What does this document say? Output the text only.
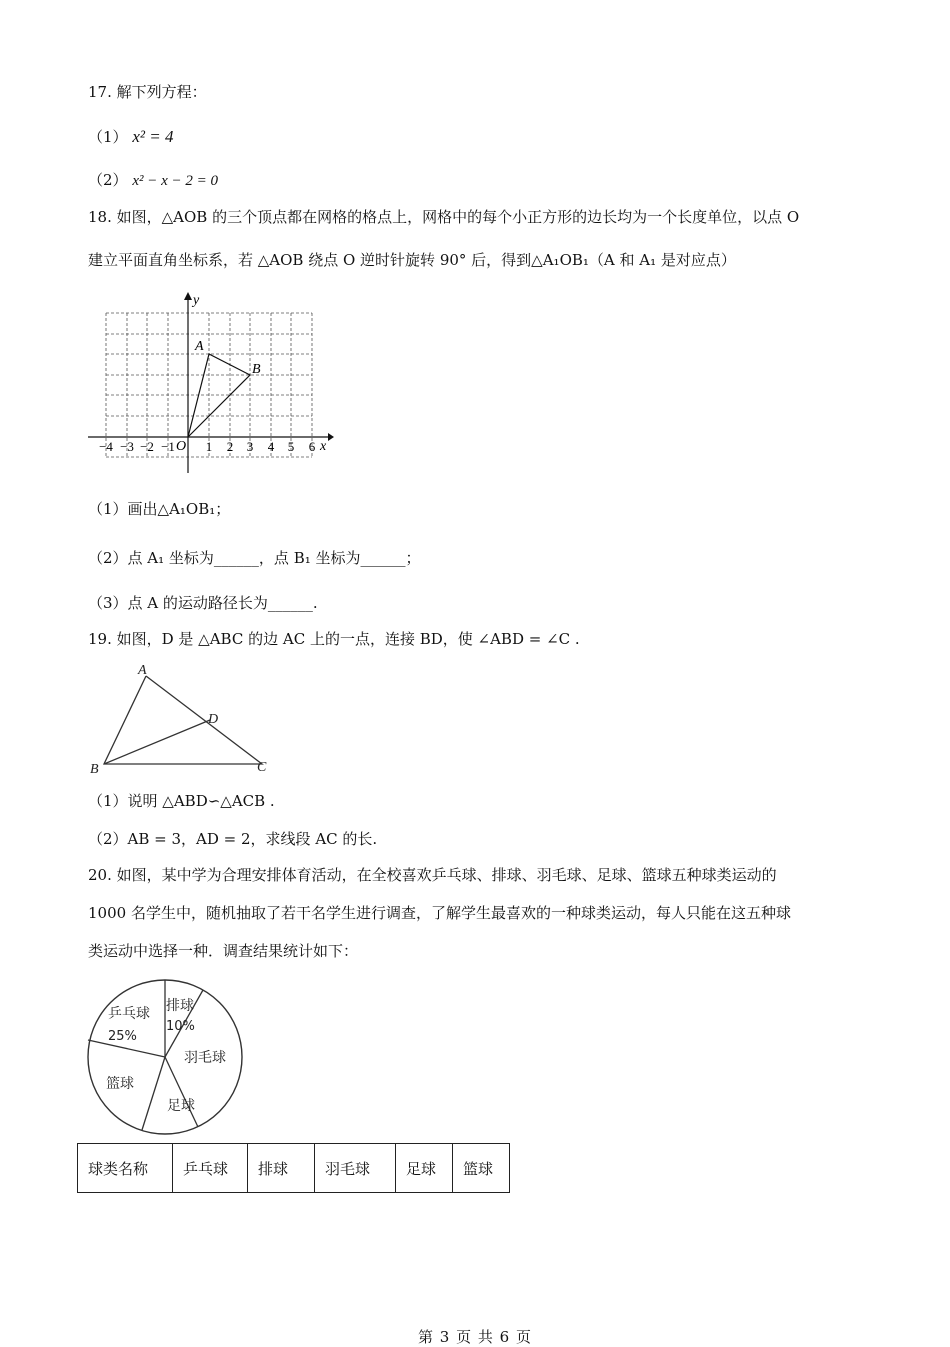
17. 解下列方程：
（1） x² = 4
（2） x² − x − 2 = 0
18. 如图，△AOB 的三个顶点都在网格的格点上，网格中的每个小正方形的边长均为一个长度单位，以点 O
建立平面直角坐标系，若 △AOB 绕点 O 逆时针旋转 90° 后，得到△A₁OB₁（A 和 A₁ 是对应点）
y
x
O
A
B
−4 −3 −2 −1 1 2 3 4 5 6
（1）画出△A₁OB₁；
（2）点 A₁ 坐标为______，点 B₁ 坐标为______；
（3）点 A 的运动路径长为______.
19. 如图，D 是 △ABC 的边 AC 上的一点，连接 BD，使 ∠ABD = ∠C .
A
B	C
D
（1）说明 △ABD∽△ACB .
（2）AB = 3，AD = 2，求线段 AC 的长.
20. 如图，某中学为合理安排体育活动，在全校喜欢乒乓球、排球、羽毛球、足球、篮球五种球类运动的
1000 名学生中，随机抽取了若干名学生进行调查，了解学生最喜欢的一种球类运动，每人只能在这五种球
类运动中选择一种．调查结果统计如下：
乒乓球
25%
排球
10%
羽毛球
足球
篮球
球类名称	乒乓球	排球	羽毛球	足球	篮球
第 3 页 共 6 页
